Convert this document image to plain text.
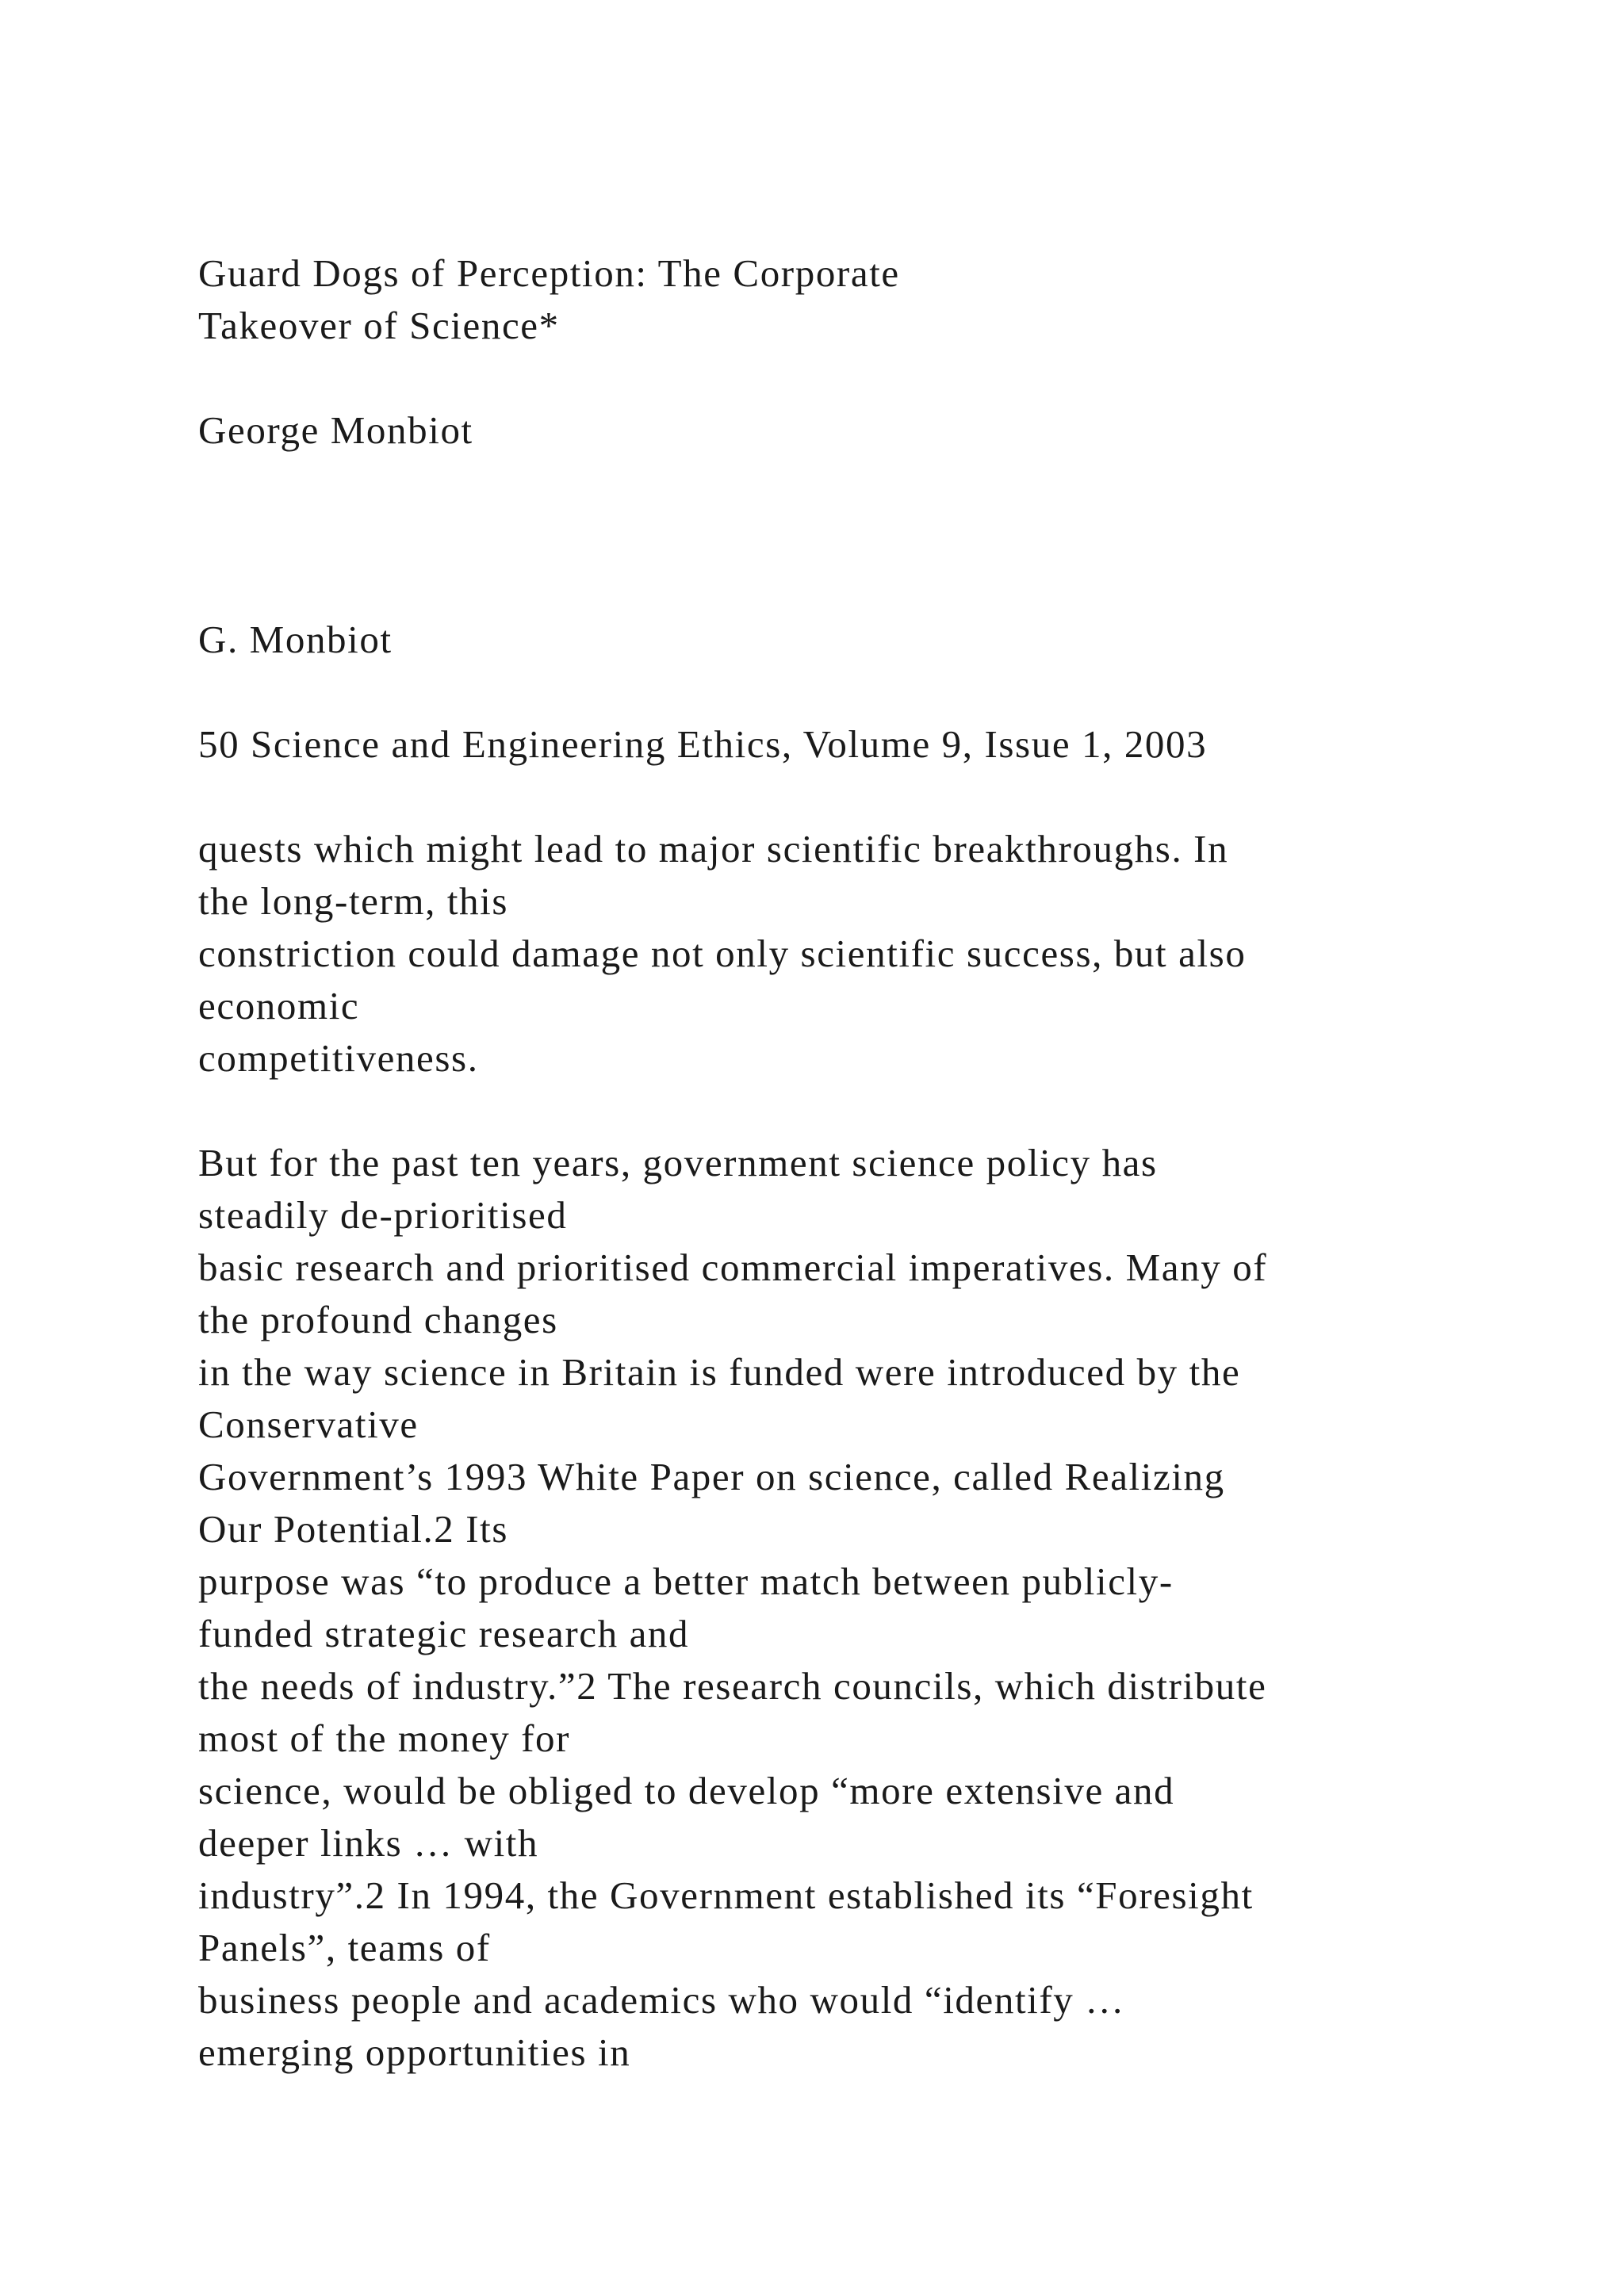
Guard Dogs of Perception: The Corporate
Takeover of Science*

George Monbiot

G. Monbiot

50 Science and Engineering Ethics, Volume 9, Issue 1, 2003

quests which might lead to major scientific breakthroughs. In
the long-term, this
constriction could damage not only scientific success, but also
economic
competitiveness.

But for the past ten years, government science policy has
steadily de-prioritised
basic research and prioritised commercial imperatives. Many of
the profound changes
in the way science in Britain is funded were introduced by the
Conservative
Government’s 1993 White Paper on science, called Realizing
Our Potential.2 Its
purpose was “to produce a better match between publicly-
funded strategic research and
the needs of industry.”2 The research councils, which distribute
most of the money for
science, would be obliged to develop “more extensive and
deeper links … with
industry”.2 In 1994, the Government established its “Foresight
Panels”, teams of
business people and academics who would “identify …
emerging opportunities in
